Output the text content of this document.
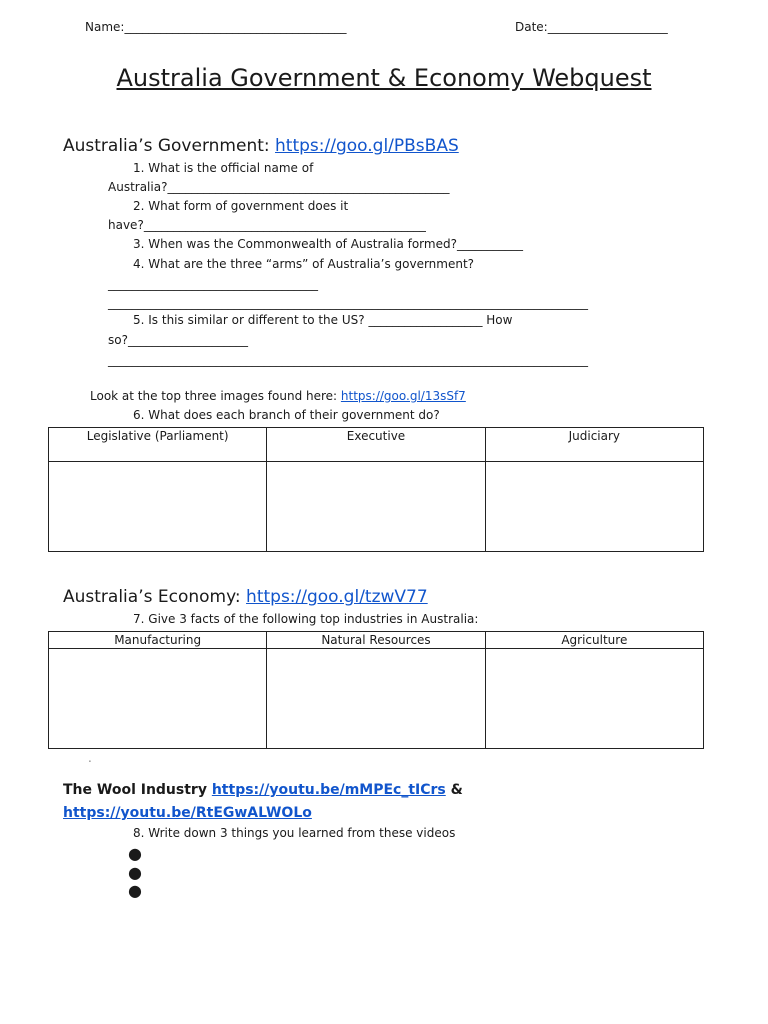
Name:_____________________________________	Date:____________________
Australia Government & Economy Webquest
Australia’s Government: https://goo.gl/PBsBAS
1. What is the official name of
Australia?_______________________________________________
2. What form of government does it
have?_______________________________________________
3. When was the Commonwealth of Australia formed?___________
4. What are the three “arms” of Australia’s government?
___________________________________
________________________________________________________________________________
5. Is this similar or different to the US? ___________________ How
so?____________________
________________________________________________________________________________
Look at the top three images found here: https://goo.gl/13sSf7
6. What does each branch of their government do?
Legislative (Parliament)	Executive	Judiciary

Australia’s Economy: https://goo.gl/tzwV77
7. Give 3 facts of the following top industries in Australia:
Manufacturing	Natural Resources	Agriculture

.
The Wool Industry https://youtu.be/mMPEc_tICrs &
https://youtu.be/RtEGwALWOLo
8. Write down 3 things you learned from these videos
●
●
●
